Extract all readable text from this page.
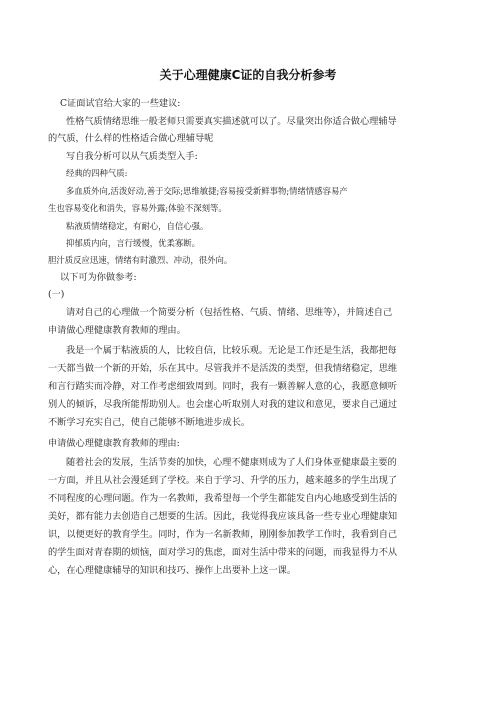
关于心理健康C证的自我分析参考

C证面试官给大家的一些建议:

性格气质情绪思维一般老师只需要真实描述就可以了。尽量突出你适合做心理辅导

的气质，什么样的性格适合做心理辅导呢

写自我分析可以从气质类型入手:

经典的四种气质:

多血质外向,活泼好动,善于交际;思维敏捷;容易接受新鲜事物;情绪情感容易产

生也容易变化和消失，容易外露;体验不深刻等。

粘液质情绪稳定，有耐心，自信心强。

抑郁质内向，言行缓慢，优柔寡断。

胆汁质反应迅速，情绪有时激烈、冲动，很外向。

以下可为你做参考:

(一)

请对自己的心理做一个简要分析（包括性格、气质、情绪、思维等），并简述自己

申请做心理健康教育教师的理由。

我是一个属于粘液质的人，比较自信，比较乐观。无论是工作还是生活，我都把每

一天都当做一个新的开始，乐在其中。尽管我并不是活泼的类型，但我情绪稳定，思维

和言行踏实而冷静，对工作考虑细致周到。同时，我有一颗善解人意的心，我愿意倾听

别人的倾诉，尽我所能帮助别人。也会虚心听取别人对我的建议和意见，要求自己通过

不断学习充实自己，使自己能够不断地进步成长。

申请做心理健康教育教师的理由:

随着社会的发展，生活节奏的加快，心理不健康则成为了人们身体亚健康最主要的

一方面，并且从社会漫延到了学校。来自于学习、升学的压力，越来越多的学生出现了

不同程度的心理问题。作为一名教师，我希望每一个学生都能发自内心地感受到生活的

美好，都有能力去创造自己想要的生活。因此，我觉得我应该具备一些专业心理健康知

识，以便更好的教育学生。同时，作为一名新教师，刚刚参加教学工作时，我看到自己

的学生面对青春期的烦恼，面对学习的焦虑，面对生活中带来的问题，而我显得力不从

心，在心理健康辅导的知识和技巧、操作上出要补上这一课。
